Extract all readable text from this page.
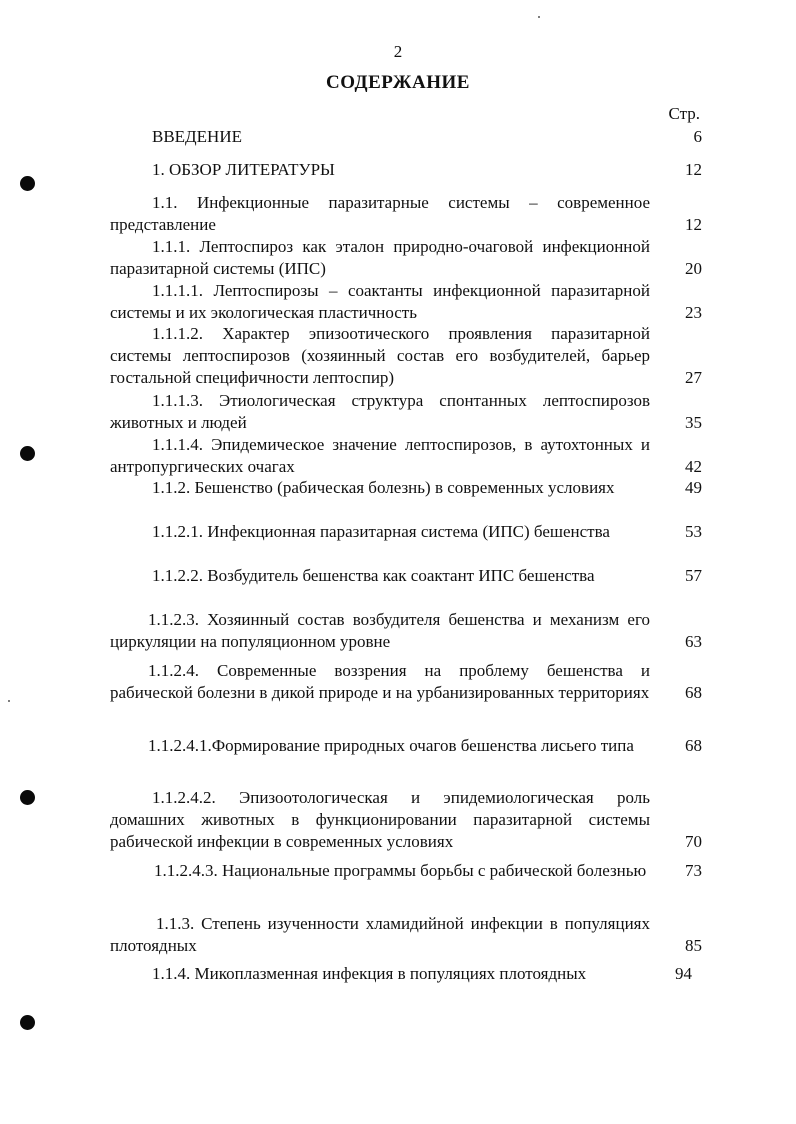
2
СОДЕРЖАНИЕ
Стр.
ВВЕДЕНИЕ	6
1. ОБЗОР ЛИТЕРАТУРЫ	12
1.1. Инфекционные паразитарные системы – современное представление	12
1.1.1. Лептоспироз как эталон природно-очаговой инфекционной паразитарной системы (ИПС)	20
1.1.1.1. Лептоспирозы – соактанты инфекционной паразитарной системы и их экологическая пластичность	23
1.1.1.2. Характер эпизоотического проявления паразитарной системы лептоспирозов (хозяинный состав его возбудителей, барьер гостальной специфичности лептоспир)	27
1.1.1.3. Этиологическая структура спонтанных лептоспирозов животных и людей	35
1.1.1.4. Эпидемическое значение лептоспирозов, в аутохтонных и антропургических очагах	42
1.1.2. Бешенство (рабическая болезнь) в современных условиях	49
1.1.2.1. Инфекционная паразитарная система (ИПС) бешенства	53
1.1.2.2. Возбудитель бешенства как соактант ИПС бешенства	57
1.1.2.3. Хозяинный состав возбудителя бешенства и механизм его циркуляции на популяционном уровне	63
1.1.2.4. Современные воззрения на проблему бешенства и рабической болезни в дикой природе и на урбанизированных территориях	68
1.1.2.4.1.Формирование природных очагов бешенства лисьего типа	68
1.1.2.4.2. Эпизоотологическая и эпидемиологическая роль домашних животных в функционировании паразитарной системы рабической инфекции в современных условиях	70
1.1.2.4.3. Национальные программы борьбы с рабической болезнью	73
1.1.3. Степень изученности хламидийной инфекции в популяциях плотоядных	85
1.1.4. Микоплазменная инфекция в популяциях плотоядных	94
